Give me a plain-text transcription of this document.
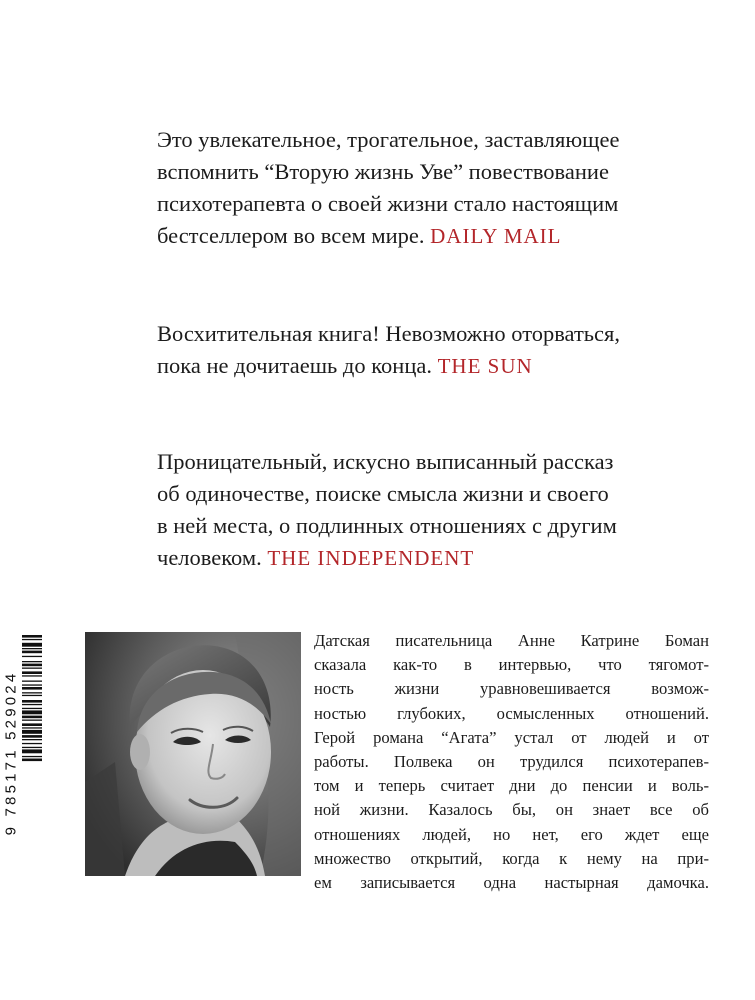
Это увлекательное, трогательное, заставляющее
вспомнить “Вторую жизнь Уве” повествование
психотерапевта о своей жизни стало настоящим
бестселлером во всем мире. DAILY MAIL
Восхитительная книга! Невозможно оторваться,
пока не дочитаешь до конца. THE SUN
Проницательный, искусно выписанный рассказ
об одиночестве, поиске смысла жизни и своего
в ней места, о подлинных отношениях с другим
человеком. THE INDEPENDENT
9 785171 529024
Датская писательница Анне Катрине Боман
сказала как-то в интервью, что тягомот-
ность жизни уравновешивается возмож-
ностью глубоких, осмысленных отношений.
Герой романа “Агата” устал от людей и от
работы. Полвека он трудился психотерапев-
том и теперь считает дни до пенсии и воль-
ной жизни. Казалось бы, он знает все об
отношениях людей, но нет, его ждет еще
множество открытий, когда к нему на при-
ем записывается одна настырная дамочка.
